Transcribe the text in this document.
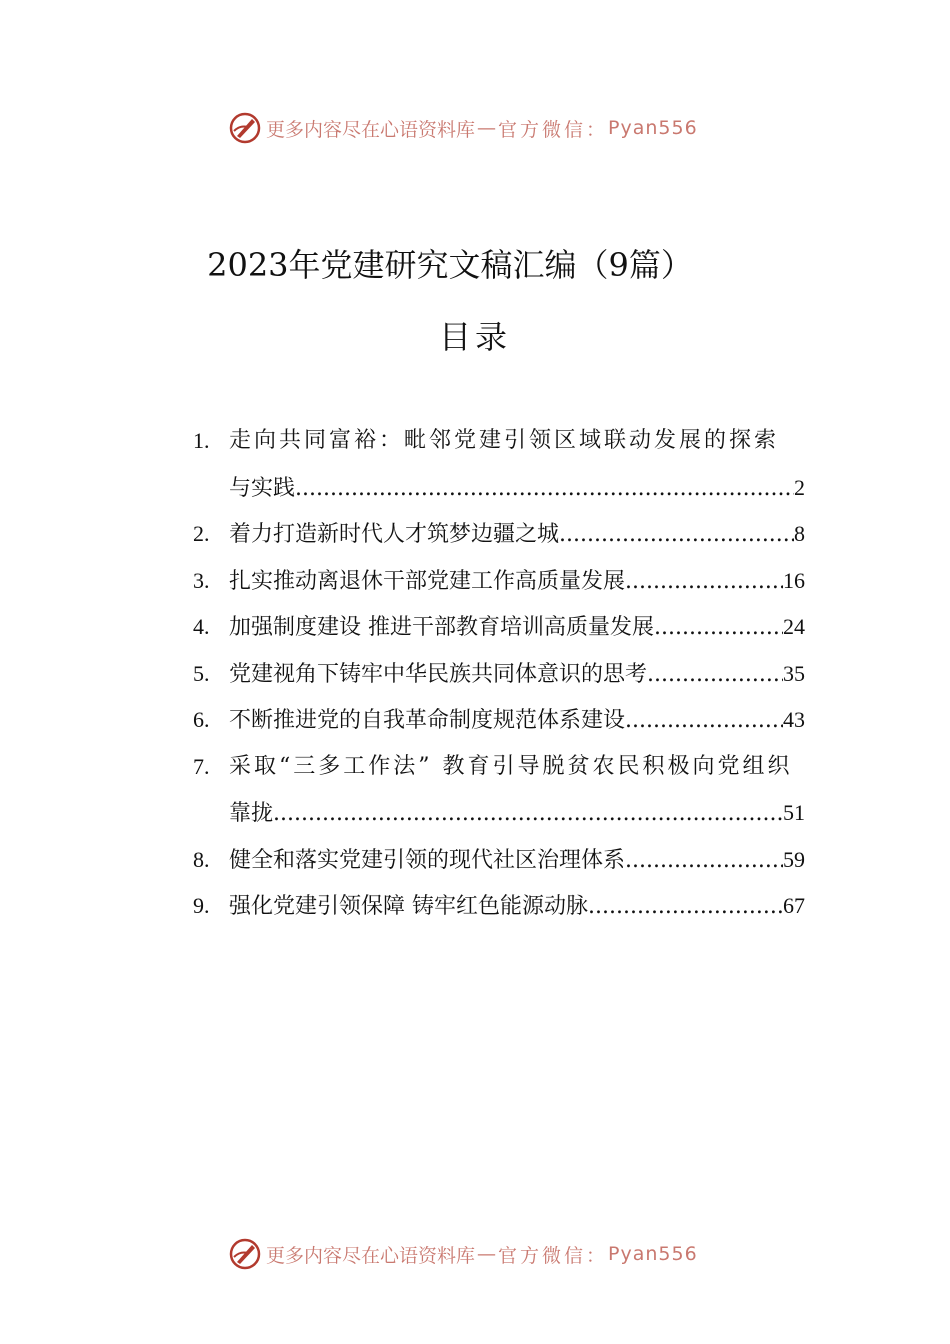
更多内容尽在心语资料库 — 官方微信： Pyan556
2023年党建研究文稿汇编（9篇）
目录
1. 走向共同富裕：毗邻党建引领区域联动发展的探索
与实践 .....	2
2. 着力打造新时代人才筑梦边疆之城 .....	8
3. 扎实推动离退休干部党建工作高质量发展 .....	16
4. 加强制度建设 推进干部教育培训高质量发展 .....	24
5. 党建视角下铸牢中华民族共同体意识的思考 .....	35
6. 不断推进党的自我革命制度规范体系建设 .....	43
7. 采取“三多工作法” 教育引导脱贫农民积极向党组织
靠拢 .....	51
8. 健全和落实党建引领的现代社区治理体系 .....	59
9. 强化党建引领保障 铸牢红色能源动脉 .....	67
更多内容尽在心语资料库 — 官方微信： Pyan556
